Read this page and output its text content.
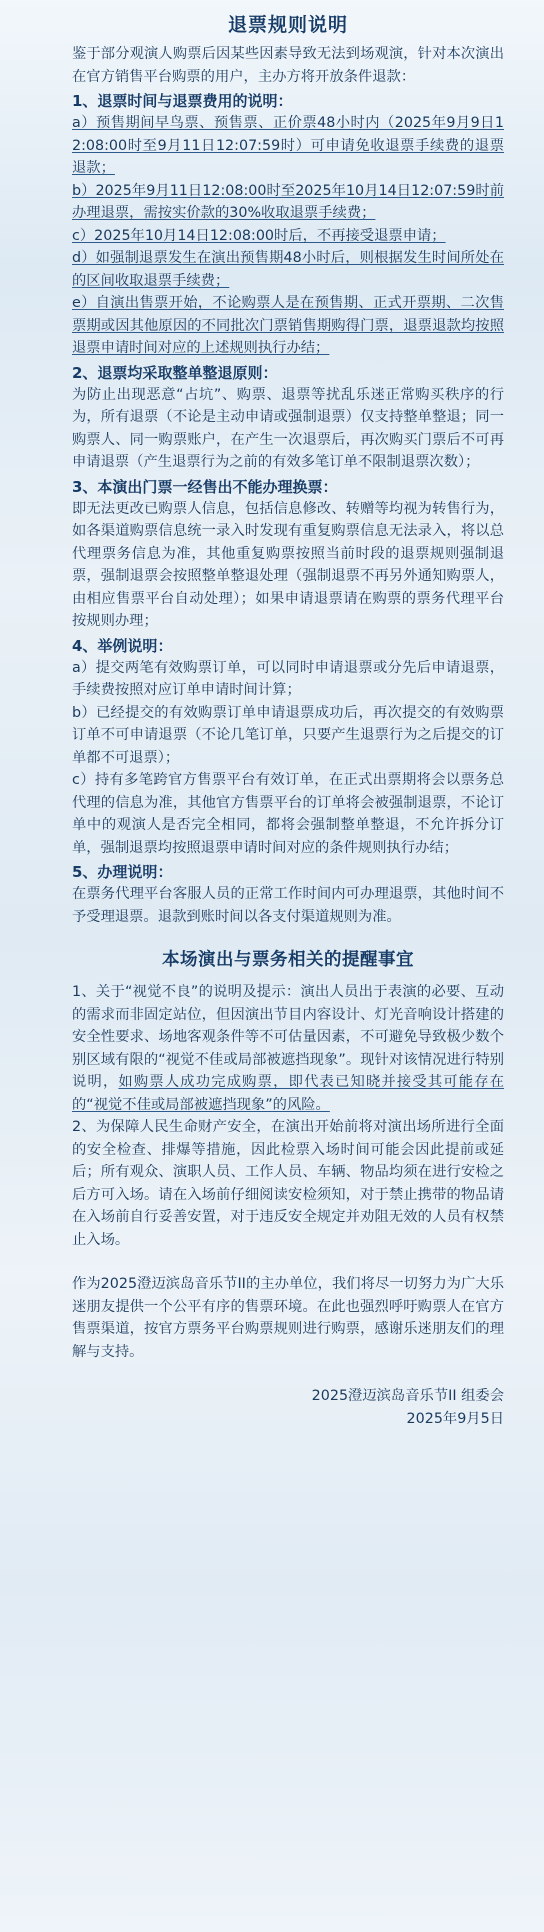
退票规则说明

鉴于部分观演人购票后因某些因素导致无法到场观演，针对本次演出在官方销售平台购票的用户，主办方将开放条件退款：

1、退票时间与退票费用的说明：

a）预售期间早鸟票、预售票、正价票48小时内（2025年9月9日12:08:00时至9月11日12:07:59时）可申请免收退票手续费的退票退款；

b）2025年9月11日12:08:00时至2025年10月14日12:07:59时前办理退票，需按实价款的30%收取退票手续费；

c）2025年10月14日12:08:00时后，不再接受退票申请；

d）如强制退票发生在演出预售期48小时后，则根据发生时间所处在的区间收取退票手续费；

e）自演出售票开始，不论购票人是在预售期、正式开票期、二次售票期或因其他原因的不同批次门票销售期购得门票，退票退款均按照退票申请时间对应的上述规则执行办结；

2、退票均采取整单整退原则：

为防止出现恶意“占坑”、购票、退票等扰乱乐迷正常购买秩序的行为，所有退票（不论是主动申请或强制退票）仅支持整单整退；同一购票人、同一购票账户，在产生一次退票后，再次购买门票后不可再申请退票（产生退票行为之前的有效多笔订单不限制退票次数）；

3、本演出门票一经售出不能办理换票：

即无法更改已购票人信息，包括信息修改、转赠等均视为转售行为，如各渠道购票信息统一录入时发现有重复购票信息无法录入，将以总代理票务信息为准，其他重复购票按照当前时段的退票规则强制退票，强制退票会按照整单整退处理（强制退票不再另外通知购票人，由相应售票平台自动处理）；如果申请退票请在购票的票务代理平台按规则办理；

4、举例说明：

a）提交两笔有效购票订单，可以同时申请退票或分先后申请退票，手续费按照对应订单申请时间计算；

b）已经提交的有效购票订单申请退票成功后，再次提交的有效购票订单不可申请退票（不论几笔订单，只要产生退票行为之后提交的订单都不可退票）；

c）持有多笔跨官方售票平台有效订单，在正式出票期将会以票务总代理的信息为准，其他官方售票平台的订单将会被强制退票，不论订单中的观演人是否完全相同，都将会强制整单整退，不允许拆分订单，强制退票均按照退票申请时间对应的条件规则执行办结；

5、办理说明：

在票务代理平台客服人员的正常工作时间内可办理退票，其他时间不予受理退票。退款到账时间以各支付渠道规则为准。

本场演出与票务相关的提醒事宜

1、关于“视觉不良”的说明及提示：演出人员出于表演的必要、互动的需求而非固定站位，但因演出节目内容设计、灯光音响设计搭建的安全性要求、场地客观条件等不可估量因素，不可避免导致极少数个别区域有限的“视觉不佳或局部被遮挡现象”。现针对该情况进行特别说明，如购票人成功完成购票，即代表已知晓并接受其可能存在的“视觉不佳或局部被遮挡现象”的风险。

2、为保障人民生命财产安全，在演出开始前将对演出场所进行全面的安全检查、排爆等措施，因此检票入场时间可能会因此提前或延后；所有观众、演职人员、工作人员、车辆、物品均须在进行安检之后方可入场。请在入场前仔细阅读安检须知，对于禁止携带的物品请在入场前自行妥善安置，对于违反安全规定并劝阻无效的人员有权禁止入场。

作为2025澄迈滨岛音乐节II的主办单位，我们将尽一切努力为广大乐迷朋友提供一个公平有序的售票环境。在此也强烈呼吁购票人在官方售票渠道，按官方票务平台购票规则进行购票，感谢乐迷朋友们的理解与支持。

2025澄迈滨岛音乐节II 组委会

2025年9月5日
